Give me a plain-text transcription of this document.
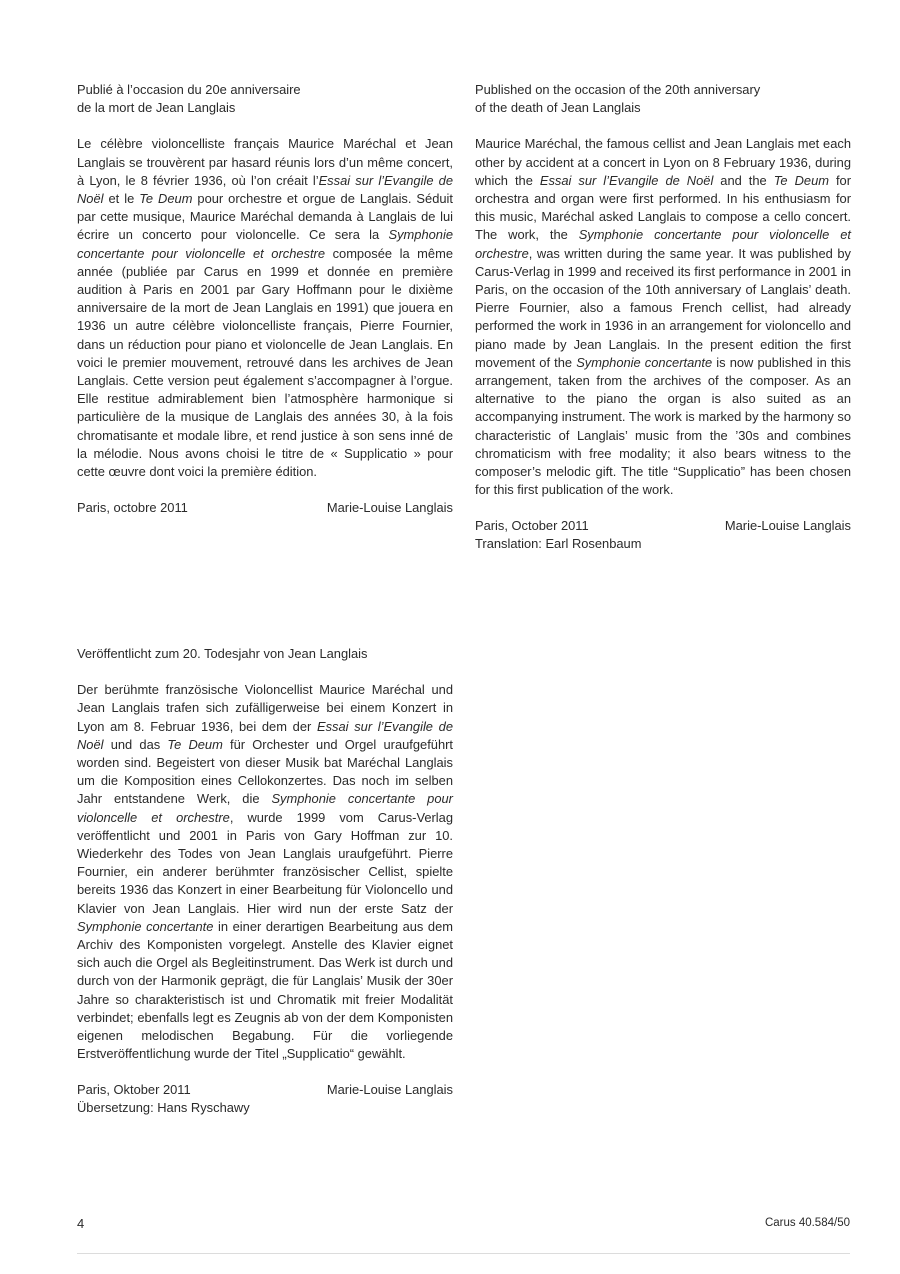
Publié à l’occasion du 20e anniversaire
de la mort de Jean Langlais

Le célèbre violoncelliste français Maurice Maréchal et Jean Langlais se trouvèrent par hasard réunis lors d’un même concert, à Lyon, le 8 février 1936, où l’on créait l’Essai sur l’Evangile de Noël et le Te Deum pour orchestre et orgue de Langlais. Séduit par cette musique, Maurice Maréchal demanda à Langlais de lui écrire un concerto pour violoncelle. Ce sera la Symphonie concertante pour violoncelle et orchestre composée la même année (publiée par Carus en 1999 et donnée en première audition à Paris en 2001 par Gary Hoffmann pour le dixième anniversaire de la mort de Jean Langlais en 1991) que jouera en 1936 un autre célèbre violoncelliste français, Pierre Fournier, dans un réduction pour piano et violoncelle de Jean Langlais. En voici le premier mouvement, retrouvé dans les archives de Jean Langlais. Cette version peut également s’accompagner à l’orgue. Elle restitue admirablement bien l’atmosphère harmonique si particulière de la musique de Langlais des années 30, à la fois chromatisante et modale libre, et rend justice à son sens inné de la mélodie. Nous avons choisi le titre de « Supplicatio » pour cette œuvre dont voici la première édition.

Paris, octobre 2011	Marie-Louise Langlais

Published on the occasion of the 20th anniversary
of the death of Jean Langlais

Maurice Maréchal, the famous cellist and Jean Langlais met each other by accident at a concert in Lyon on 8 February 1936, during which the Essai sur l’Evangile de Noël and the Te Deum for orchestra and organ were first performed. In his enthusiasm for this music, Maréchal asked Langlais to compose a cello concert. The work, the Symphonie concertante pour violoncelle et orchestre, was written during the same year. It was published by Carus-Verlag in 1999 and received its first performance in 2001 in Paris, on the occasion of the 10th anniversary of Langlais’ death. Pierre Fournier, also a famous French cellist, had already performed the work in 1936 in an arrangement for violoncello and piano made by Jean Langlais. In the present edition the first movement of the Symphonie concertante is now published in this arrangement, taken from the archives of the composer. As an alternative to the piano the organ is also suited as an accompanying instrument. The work is marked by the harmony so characteristic of Langlais’ music from the ’30s and combines chromaticism with free modality; it also bears witness to the composer’s melodic gift. The title “Supplicatio” has been chosen for this first publication of the work.

Paris, October 2011	Marie-Louise Langlais

Translation: Earl Rosenbaum

Veröffentlicht zum 20. Todesjahr von Jean Langlais

Der berühmte französische Violoncellist Maurice Maréchal und Jean Langlais trafen sich zufälligerweise bei einem Konzert in Lyon am 8. Februar 1936, bei dem der Essai sur l’Evangile de Noël und das Te Deum für Orchester und Orgel uraufgeführt worden sind. Begeistert von dieser Musik bat Maréchal Langlais um die Komposition eines Cellokonzertes. Das noch im selben Jahr entstandene Werk, die Symphonie concertante pour violoncelle et orchestre, wurde 1999 vom Carus-Verlag veröffentlicht und 2001 in Paris von Gary Hoffman zur 10. Wiederkehr des Todes von Jean Langlais uraufgeführt. Pierre Fournier, ein anderer berühmter französischer Cellist, spielte bereits 1936 das Konzert in einer Bearbeitung für Violoncello und Klavier von Jean Langlais. Hier wird nun der erste Satz der Symphonie concertante in einer derartigen Bearbeitung aus dem Archiv des Komponisten vorgelegt. Anstelle des Klavier eignet sich auch die Orgel als Begleitinstrument. Das Werk ist durch und durch von der Harmonik geprägt, die für Langlais’ Musik der 30er Jahre so charakteristisch ist und Chromatik mit freier Modalität verbindet; ebenfalls legt es Zeugnis ab von der dem Komponisten eigenen melodischen Begabung. Für die vorliegende Erstveröffentlichung wurde der Titel „Supplicatio“ gewählt.

Paris, Oktober 2011	Marie-Louise Langlais

Übersetzung: Hans Ryschawy

4	Carus 40.584/50
